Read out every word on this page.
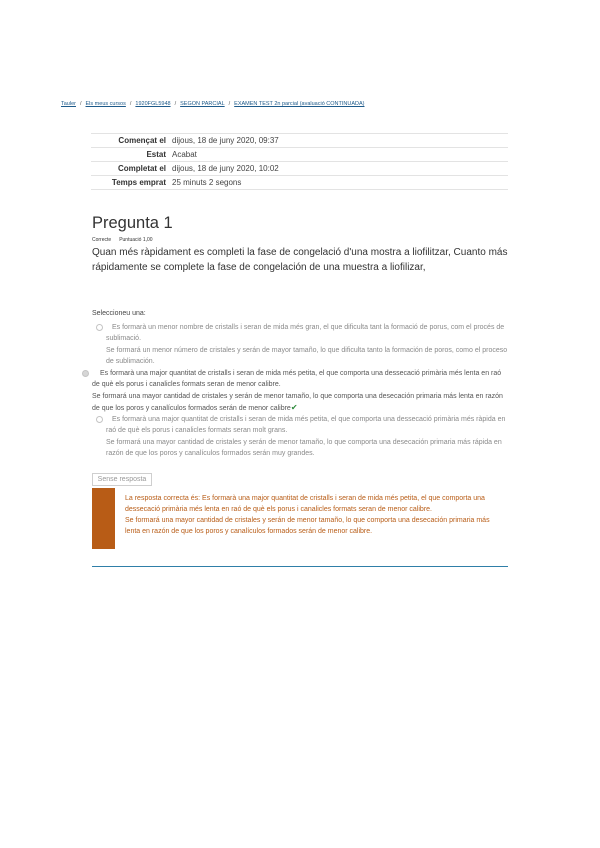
Tauler / Els meus cursos / 1920FGL5948 / SEGON PARCIAL / EXAMEN TEST 2n parcial (avaluació CONTINUADA)
Començat el	dijous, 18 de juny 2020, 09:37
Estat	Acabat
Completat el	dijous, 18 de juny 2020, 10:02
Temps emprat	25 minuts 2 segons
Pregunta 1
Correcte Puntuació 1,00
Quan més ràpidament es completi la fase de congelació d'una mostra a liofilitzar, Cuanto más rápidamente se complete la fase de congelación de una muestra a liofilizar,
Seleccioneu una:

Es formarà un menor nombre de cristalls i seran de mida més gran, el que dificulta tant la formació de porus, com el procés de sublimació.

Se formará un menor número de cristales y serán de mayor tamaño, lo que dificulta tanto la formación de poros, como el proceso de sublimación.

Es formarà una major quantitat de cristalls i seran de mida més petita, el que comporta una dessecació primària més lenta en raó de què els porus i canalicles formats seran de menor calibre.

Se formará una mayor cantidad de cristales y serán de menor tamaño, lo que comporta una desecación primaria más lenta en razón de que los poros y canalículos formados serán de menor calibre✔

Es formarà una major quantitat de cristalls i seran de mida més petita, el que comporta una dessecació primària més ràpida en raó de què els porus i canalicles formats seran molt grans.

Se formará una mayor cantidad de cristales y serán de menor tamaño, lo que comporta una desecación primaria más rápida en razón de que los poros y canalículos formados serán muy grandes.

Sense resposta

La resposta correcta és: Es formarà una major quantitat de cristalls i seran de mida més petita, el que comporta una dessecació primària més lenta en raó de què els porus i canalicles formats seran de menor calibre.

Se formará una mayor cantidad de cristales y serán de menor tamaño, lo que comporta una desecación primaria más lenta en razón de que los poros y canalículos formados serán de menor calibre.
